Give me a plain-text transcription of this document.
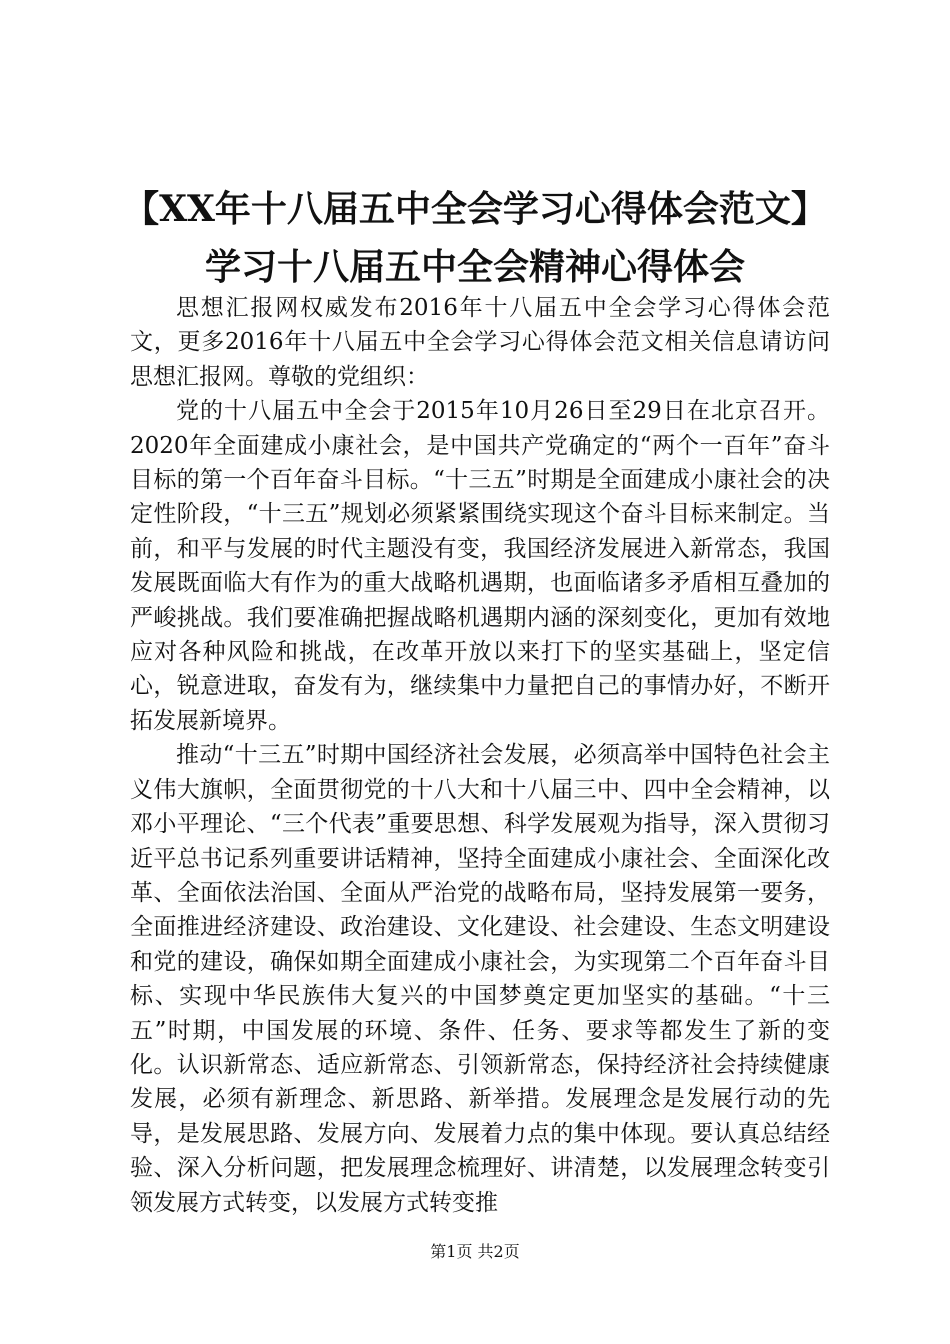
【XX年十八届五中全会学习心得体会范文】
学习十八届五中全会精神心得体会

思想汇报网权威发布2016年十八届五中全会学习心得体会范文，更多2016年十八届五中全会学习心得体会范文相关信息请访问思想汇报网。尊敬的党组织：

党的十八届五中全会于2015年10月26日至29日在北京召开。2020年全面建成小康社会，是中国共产党确定的“两个一百年”奋斗目标的第一个百年奋斗目标。“十三五”时期是全面建成小康社会的决定性阶段，“十三五”规划必须紧紧围绕实现这个奋斗目标来制定。当前，和平与发展的时代主题没有变，我国经济发展进入新常态，我国发展既面临大有作为的重大战略机遇期，也面临诸多矛盾相互叠加的严峻挑战。我们要准确把握战略机遇期内涵的深刻变化，更加有效地应对各种风险和挑战，在改革开放以来打下的坚实基础上，坚定信心，锐意进取，奋发有为，继续集中力量把自己的事情办好，不断开拓发展新境界。

推动“十三五”时期中国经济社会发展，必须高举中国特色社会主义伟大旗帜，全面贯彻党的十八大和十八届三中、四中全会精神，以邓小平理论、“三个代表”重要思想、科学发展观为指导，深入贯彻习近平总书记系列重要讲话精神，坚持全面建成小康社会、全面深化改革、全面依法治国、全面从严治党的战略布局，坚持发展第一要务，全面推进经济建设、政治建设、文化建设、社会建设、生态文明建设和党的建设，确保如期全面建成小康社会，为实现第二个百年奋斗目标、实现中华民族伟大复兴的中国梦奠定更加坚实的基础。“十三五”时期，中国发展的环境、条件、任务、要求等都发生了新的变化。认识新常态、适应新常态、引领新常态，保持经济社会持续健康发展，必须有新理念、新思路、新举措。发展理念是发展行动的先导，是发展思路、发展方向、发展着力点的集中体现。要认真总结经验、深入分析问题，把发展理念梳理好、讲清楚，以发展理念转变引领发展方式转变，以发展方式转变推

第1页 共2页
